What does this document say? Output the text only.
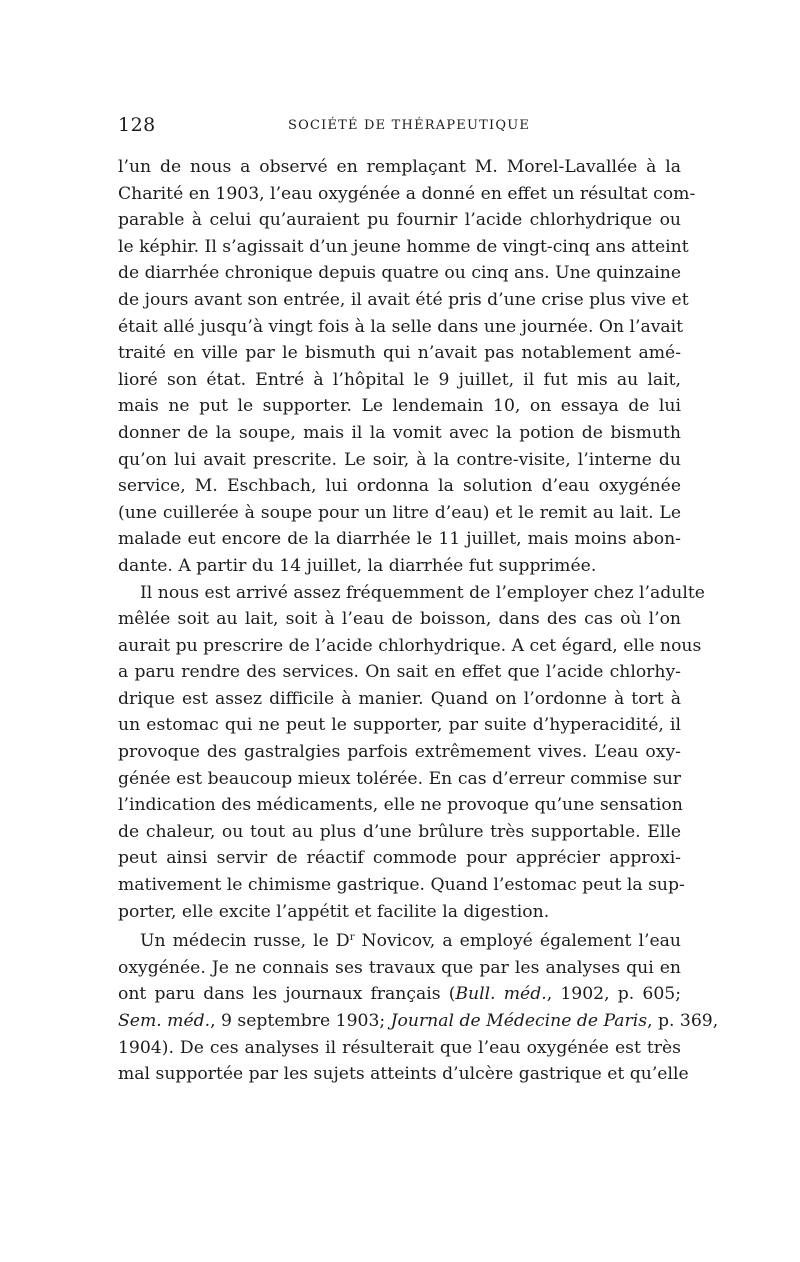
128	SOCIÉTÉ DE THÉRAPEUTIQUE

l’un de nous a observé en remplaçant M. Morel-Lavallée à la
Charité en 1903, l’eau oxygénée a donné en effet un résultat com-
parable à celui qu’auraient pu fournir l’acide chlorhydrique ou
le képhir. Il s’agissait d’un jeune homme de vingt-cinq ans atteint
de diarrhée chronique depuis quatre ou cinq ans. Une quinzaine
de jours avant son entrée, il avait été pris d’une crise plus vive et
était allé jusqu’à vingt fois à la selle dans une journée. On l’avait
traité en ville par le bismuth qui n’avait pas notablement amé-
lioré son état. Entré à l’hôpital le 9 juillet, il fut mis au lait,
mais ne put le supporter. Le lendemain 10, on essaya de lui
donner de la soupe, mais il la vomit avec la potion de bismuth
qu’on lui avait prescrite. Le soir, à la contre-visite, l’interne du
service, M. Eschbach, lui ordonna la solution d’eau oxygénée
(une cuillerée à soupe pour un litre d’eau) et le remit au lait. Le
malade eut encore de la diarrhée le 11 juillet, mais moins abon-
dante. A partir du 14 juillet, la diarrhée fut supprimée.

Il nous est arrivé assez fréquemment de l’employer chez l’adulte
mêlée soit au lait, soit à l’eau de boisson, dans des cas où l’on
aurait pu prescrire de l’acide chlorhydrique. A cet égard, elle nous
a paru rendre des services. On sait en effet que l’acide chlorhy-
drique est assez difficile à manier. Quand on l’ordonne à tort à
un estomac qui ne peut le supporter, par suite d’hyperacidité, il
provoque des gastralgies parfois extrêmement vives. L’eau oxy-
génée est beaucoup mieux tolérée. En cas d’erreur commise sur
l’indication des médicaments, elle ne provoque qu’une sensation
de chaleur, ou tout au plus d’une brûlure très supportable. Elle
peut ainsi servir de réactif commode pour apprécier approxi-
mativement le chimisme gastrique. Quand l’estomac peut la sup-
porter, elle excite l’appétit et facilite la digestion.

Un médecin russe, le $D^r$ Novicov, a employé également l’eau
oxygénée. Je ne connais ses travaux que par les analyses qui en
ont paru dans les journaux français (Bull. méd., 1902, p. 605;
Sem. méd., 9 septembre 1903; Journal de Médecine de Paris, p. 369,
1904). De ces analyses il résulterait que l’eau oxygénée est très
mal supportée par les sujets atteints d’ulcère gastrique et qu’elle
